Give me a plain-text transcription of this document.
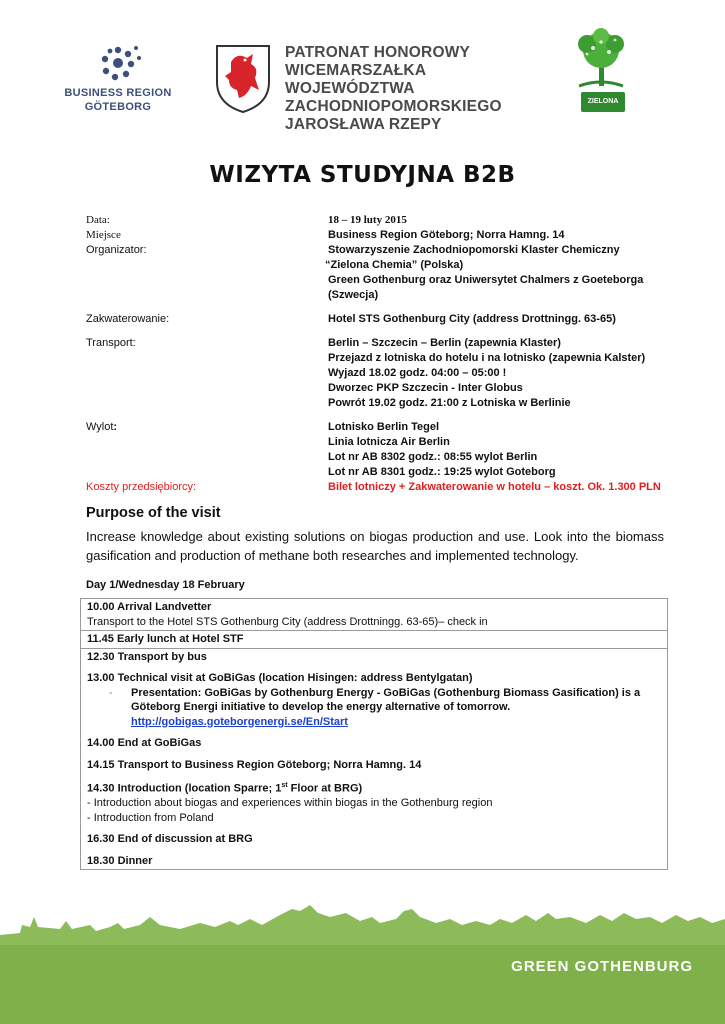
BUSINESS REGION
GÖTEBORG
PATRONAT HONOROWY
WICEMARSZAŁKA WOJEWÓDZTWA
ZACHODNIOPOMORSKIEGO
JAROSŁAWA RZEPY
ZIELONA CHEMIA
WIZYTA STUDYJNA B2B
Data:	18 – 19 luty 2015
Miejsce	Business Region Göteborg; Norra Hamng. 14
Organizator:	Stowarzyszenie Zachodniopomorski Klaster Chemiczny
“Zielona Chemia” (Polska)
Green Gothenburg oraz Uniwersytet Chalmers z Goeteborga
(Szwecja)
Zakwaterowanie:	Hotel STS Gothenburg City (address Drottningg. 63-65)
Transport:	Berlin – Szczecin – Berlin (zapewnia Klaster)
Przejazd z lotniska do hotelu i na lotnisko (zapewnia Kalster)
Wyjazd 18.02 godz. 04:00 – 05:00 !
Dworzec PKP Szczecin - Inter Globus
Powrót 19.02 godz. 21:00 z Lotniska w Berlinie
Wylot:	Lotnisko Berlin Tegel
Linia lotnicza Air Berlin
Lot nr AB 8302 godz.: 08:55 wylot Berlin
Lot nr AB 8301 godz.: 19:25 wylot Goteborg
Koszty przedsiębiorcy:	Bilet lotniczy + Zakwaterowanie w hotelu – koszt. Ok. 1.300 PLN
Purpose of the visit

Increase knowledge about existing solutions on biogas production and use. Look into the biomass gasification and production of methane both researches and implemented technology.

Day 1/Wednesday 18 February
10.00 Arrival Landvetter
Transport to the Hotel STS Gothenburg City (address Drottningg. 63-65)– check in
11.45 Early lunch at Hotel STF
12.30 Transport by bus
13.00 Technical visit at GoBiGas (location Hisingen: address Bentylgatan)
-	Presentation: GoBiGas by Gothenburg Energy - GoBiGas (Gothenburg Biomass Gasification) is a
Göteborg Energi initiative to develop the energy alternative of tomorrow.
http://gobigas.goteborgenergi.se/En/Start
14.00 End at GoBiGas
14.15 Transport to Business Region Göteborg; Norra Hamng. 14
14.30 Introduction (location Sparre; 1st Floor at BRG)
- Introduction about biogas and experiences within biogas in the Gothenburg region
- Introduction from Poland
16.30 End of discussion at BRG
18.30 Dinner
GREEN GOTHENBURG
